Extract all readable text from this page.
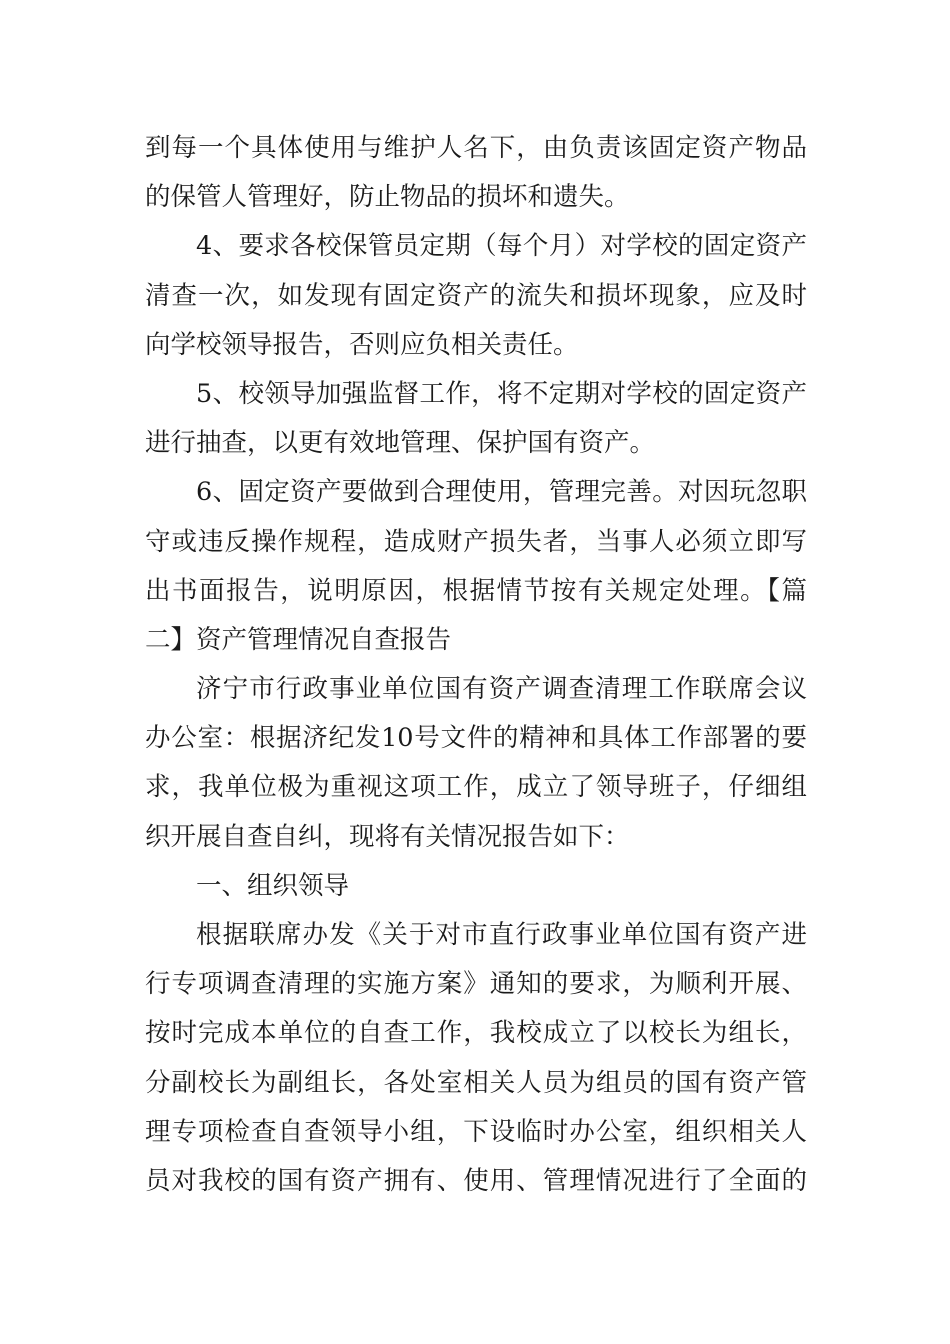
到每一个具体使用与维护人名下，由负责该固定资产物品
的保管人管理好，防止物品的损坏和遗失。
4、要求各校保管员定期（每个月）对学校的固定资产
清查一次，如发现有固定资产的流失和损坏现象，应及时
向学校领导报告，否则应负相关责任。
5、校领导加强监督工作，将不定期对学校的固定资产
进行抽查，以更有效地管理、保护国有资产。
6、固定资产要做到合理使用，管理完善。对因玩忽职
守或违反操作规程，造成财产损失者，当事人必须立即写
出书面报告，说明原因，根据情节按有关规定处理。【篇
二】资产管理情况自查报告
济宁市行政事业单位国有资产调查清理工作联席会议
办公室：根据济纪发10号文件的精神和具体工作部署的要
求，我单位极为重视这项工作，成立了领导班子，仔细组
织开展自查自纠，现将有关情况报告如下：
一、组织领导
根据联席办发《关于对市直行政事业单位国有资产进
行专项调查清理的实施方案》通知的要求，为顺利开展、
按时完成本单位的自查工作，我校成立了以校长为组长，
分副校长为副组长，各处室相关人员为组员的国有资产管
理专项检查自查领导小组，下设临时办公室，组织相关人
员对我校的国有资产拥有、使用、管理情况进行了全面的
